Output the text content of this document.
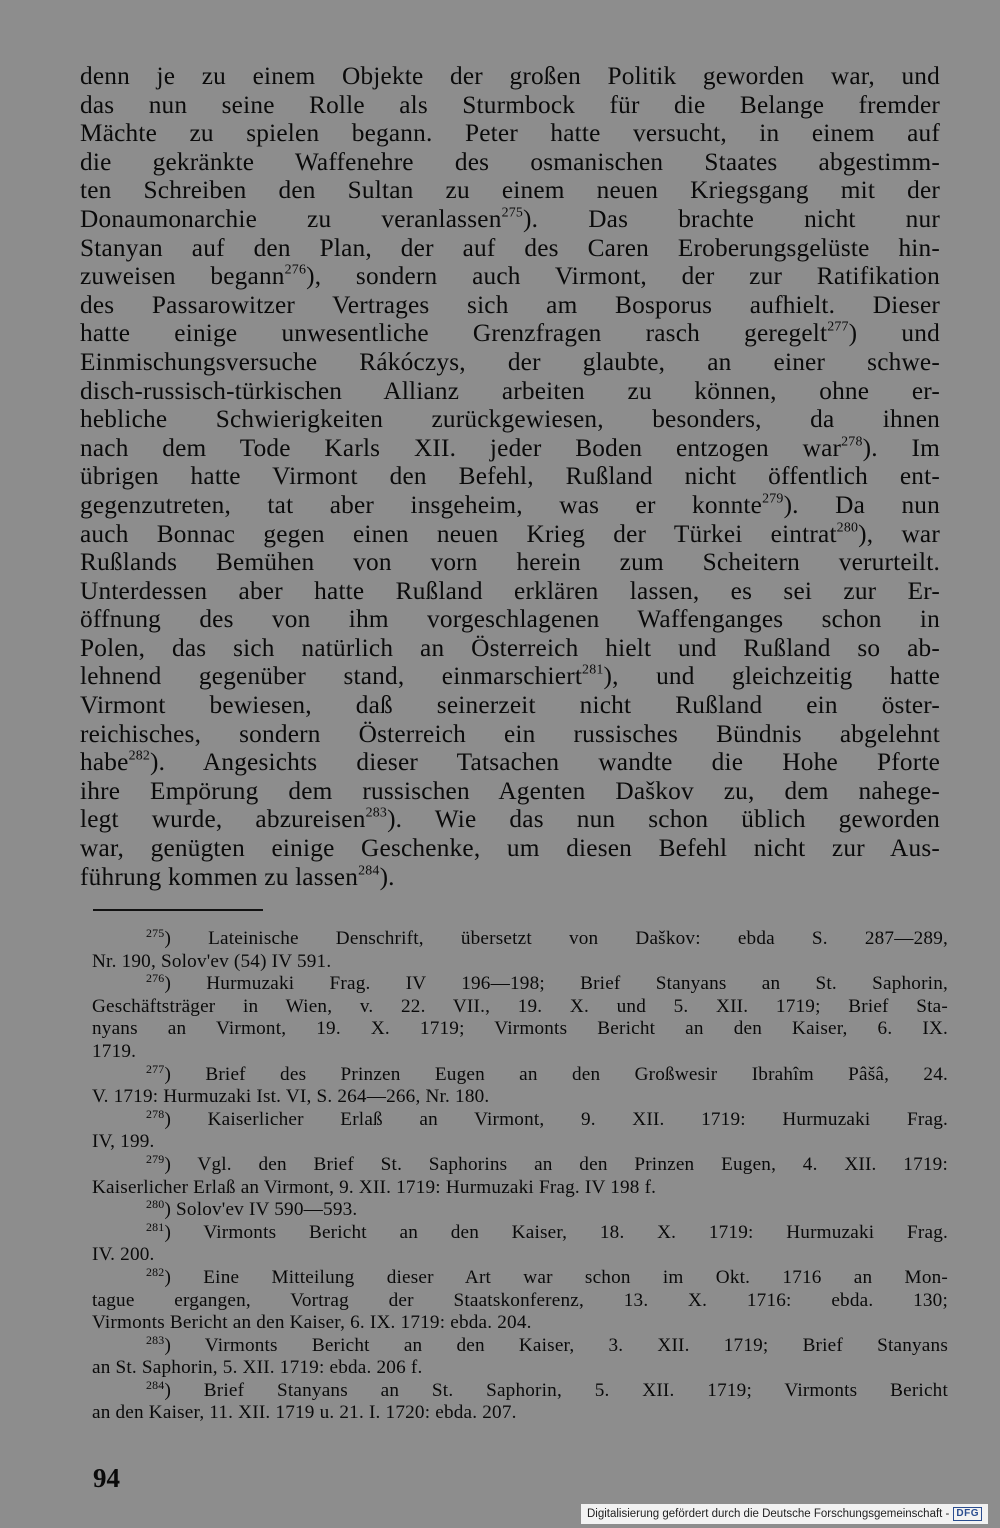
denn je zu einem Objekte der großen Politik geworden war, und
das nun seine Rolle als Sturmbock für die Belange fremder
Mächte zu spielen begann. Peter hatte versucht, in einem auf
die gekränkte Waffenehre des osmanischen Staates abgestimm-
ten Schreiben den Sultan zu einem neuen Kriegsgang mit der
Donaumonarchie zu veranlassen$^{275}$). Das brachte nicht nur
Stanyan auf den Plan, der auf des Caren Eroberungsgelüste hin-
zuweisen begann$^{276}$), sondern auch Virmont, der zur Ratifikation
des Passarowitzer Vertrages sich am Bosporus aufhielt. Dieser
hatte einige unwesentliche Grenzfragen rasch geregelt$^{277}$) und
Einmischungsversuche Rákóczys, der glaubte, an einer schwe-
disch-russisch-türkischen Allianz arbeiten zu können, ohne er-
hebliche Schwierigkeiten zurückgewiesen, besonders, da ihnen
nach dem Tode Karls XII. jeder Boden entzogen war$^{278}$). Im
übrigen hatte Virmont den Befehl, Rußland nicht öffentlich ent-
gegenzutreten, tat aber insgeheim, was er konnte$^{279}$). Da nun
auch Bonnac gegen einen neuen Krieg der Türkei eintrat$^{280}$), war
Rußlands Bemühen von vorn herein zum Scheitern verurteilt.
Unterdessen aber hatte Rußland erklären lassen, es sei zur Er-
öffnung des von ihm vorgeschlagenen Waffenganges schon in
Polen, das sich natürlich an Österreich hielt und Rußland so ab-
lehnend gegenüber stand, einmarschiert$^{281}$), und gleichzeitig hatte
Virmont bewiesen, daß seinerzeit nicht Rußland ein öster-
reichisches, sondern Österreich ein russisches Bündnis abgelehnt
habe$^{282}$). Angesichts dieser Tatsachen wandte die Hohe Pforte
ihre Empörung dem russischen Agenten Daškov zu, dem nahege-
legt wurde, abzureisen$^{283}$). Wie das nun schon üblich geworden
war, genügten einige Geschenke, um diesen Befehl nicht zur Aus-
führung kommen zu lassen$^{284}$).
$^{275}$) Lateinische Denschrift, übersetzt von Daškov: ebda S. 287—289,
Nr. 190, Solov'ev (54) IV 591.
$^{276}$) Hurmuzaki Frag. IV 196—198; Brief Stanyans an St. Saphorin,
Geschäftsträger in Wien, v. 22. VII., 19. X. und 5. XII. 1719; Brief Sta-
nyans an Virmont, 19. X. 1719; Virmonts Bericht an den Kaiser, 6. IX.
1719.
$^{277}$) Brief des Prinzen Eugen an den Großwesir Ibrahîm Pâšâ, 24.
V. 1719: Hurmuzaki Ist. VI, S. 264—266, Nr. 180.
$^{278}$) Kaiserlicher Erlaß an Virmont, 9. XII. 1719: Hurmuzaki Frag.
IV, 199.
$^{279}$) Vgl. den Brief St. Saphorins an den Prinzen Eugen, 4. XII. 1719:
Kaiserlicher Erlaß an Virmont, 9. XII. 1719: Hurmuzaki Frag. IV 198 f.
$^{280}$) Solov'ev IV 590—593.
$^{281}$) Virmonts Bericht an den Kaiser, 18. X. 1719: Hurmuzaki Frag.
IV. 200.
$^{282}$) Eine Mitteilung dieser Art war schon im Okt. 1716 an Mon-
tague ergangen, Vortrag der Staatskonferenz, 13. X. 1716: ebda. 130;
Virmonts Bericht an den Kaiser, 6. IX. 1719: ebda. 204.
$^{283}$) Virmonts Bericht an den Kaiser, 3. XII. 1719; Brief Stanyans
an St. Saphorin, 5. XII. 1719: ebda. 206 f.
$^{284}$) Brief Stanyans an St. Saphorin, 5. XII. 1719; Virmonts Bericht
an den Kaiser, 11. XII. 1719 u. 21. I. 1720: ebda. 207.
94
Digitalisierung gefördert durch die Deutsche Forschungsgemeinschaft - DFG
